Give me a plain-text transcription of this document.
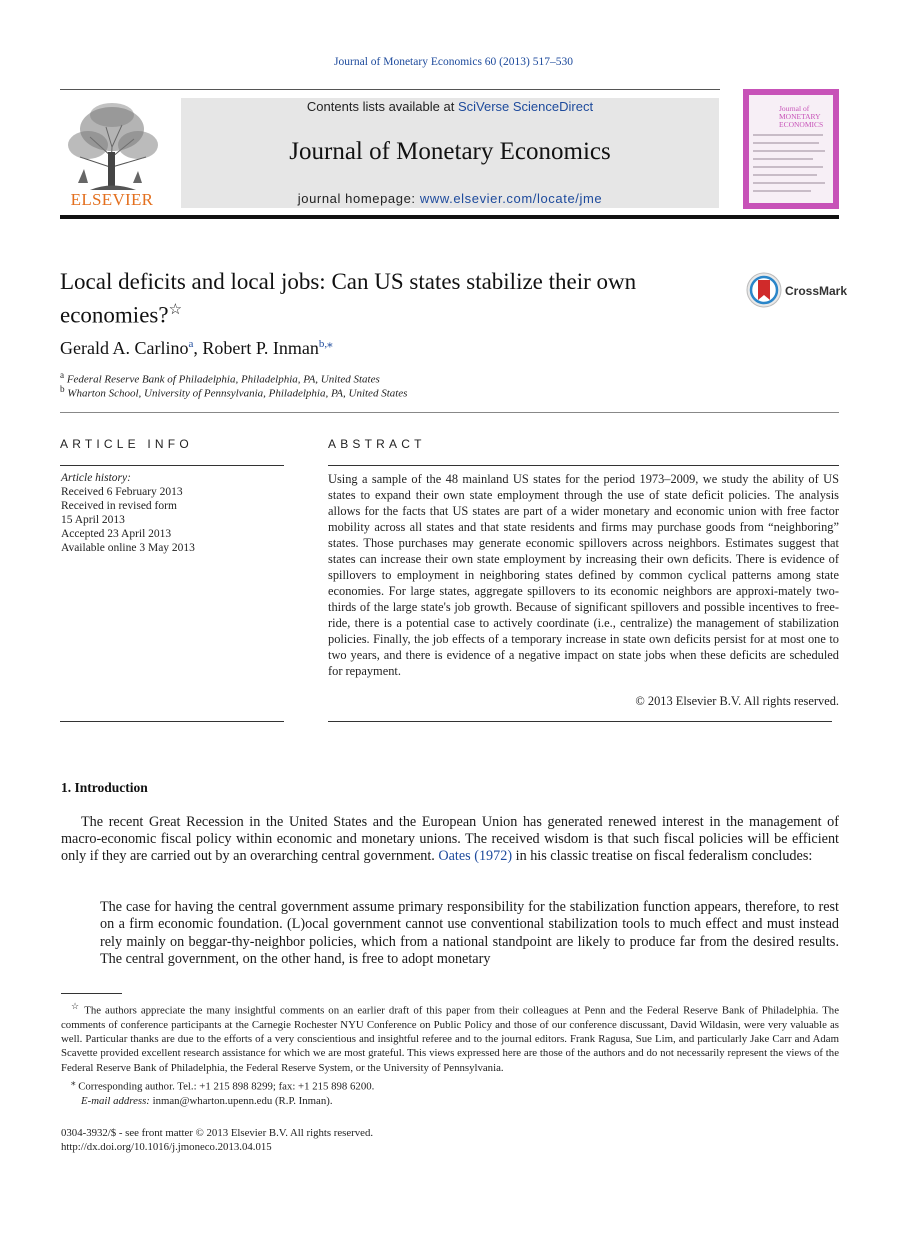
Journal of Monetary Economics 60 (2013) 517–530
ELSEVIER
Contents lists available at SciVerse ScienceDirect
Journal of Monetary Economics
journal homepage: www.elsevier.com/locate/jme
Journal of
MONETARY
ECONOMICS
Local deficits and local jobs: Can US states stabilize their own economies?☆
CrossMark
Gerald A. Carlino$^a$, Robert P. Inman$^{b,⁎}$
$^a$ Federal Reserve Bank of Philadelphia, Philadelphia, PA, United States
$^b$ Wharton School, University of Pennsylvania, Philadelphia, PA, United States
ARTICLE INFO	ABSTRACT
Article history:
Received 6 February 2013
Received in revised form
15 April 2013
Accepted 23 April 2013
Available online 3 May 2013
Using a sample of the 48 mainland US states for the period 1973–2009, we study the ability of US states to expand their own state employment through the use of state deficit policies. The analysis allows for the facts that US states are part of a wider monetary and economic union with free factor mobility across all states and that state residents and firms may purchase goods from “neighboring” states. Those purchases may generate economic spillovers across neighbors. Estimates suggest that states can increase their own state employment by increasing their own deficits. There is evidence of spillovers to employment in neighboring states defined by common cyclical patterns among state economies. For large states, aggregate spillovers to its economic neighbors are approxi-mately two-thirds of the large state's job growth. Because of significant spillovers and possible incentives to free-ride, there is a potential case to actively coordinate (i.e., centralize) the management of stabilization policies. Finally, the job effects of a temporary increase in state own deficits persist for at most one to two years, and there is evidence of a negative impact on state jobs when these deficits are scheduled for repayment.
© 2013 Elsevier B.V. All rights reserved.
1. Introduction
The recent Great Recession in the United States and the European Union has generated renewed interest in the management of macro-economic fiscal policy within economic and monetary unions. The received wisdom is that such fiscal policies will be efficient only if they are carried out by an overarching central government. Oates (1972) in his classic treatise on fiscal federalism concludes:
The case for having the central government assume primary responsibility for the stabilization function appears, therefore, to rest on a firm economic foundation. (L)ocal government cannot use conventional stabilization tools to much effect and must instead rely mainly on beggar-thy-neighbor policies, which from a national standpoint are likely to produce far from the desired results. The central government, on the other hand, is free to adopt monetary

☆ The authors appreciate the many insightful comments on an earlier draft of this paper from their colleagues at Penn and the Federal Reserve Bank of Philadelphia. The comments of conference participants at the Carnegie Rochester NYU Conference on Public Policy and those of our conference discussant, David Wildasin, were very valuable as well. Particular thanks are due to the efforts of a very conscientious and insightful referee and to the journal editors. Frank Ragusa, Sue Lim, and particularly Jake Carr and Adam Scavette provided excellent research assistance for which we are most grateful. This views expressed here are those of the authors and do not necessarily represent the views of the Federal Reserve Bank of Philadelphia, the Federal Reserve System, or the University of Pennsylvania.

⁎ Corresponding author. Tel.: +1 215 898 8299; fax: +1 215 898 6200.

E-mail address: inman@wharton.upenn.edu (R.P. Inman).

0304-3932/$ - see front matter © 2013 Elsevier B.V. All rights reserved.
http://dx.doi.org/10.1016/j.jmoneco.2013.04.015
